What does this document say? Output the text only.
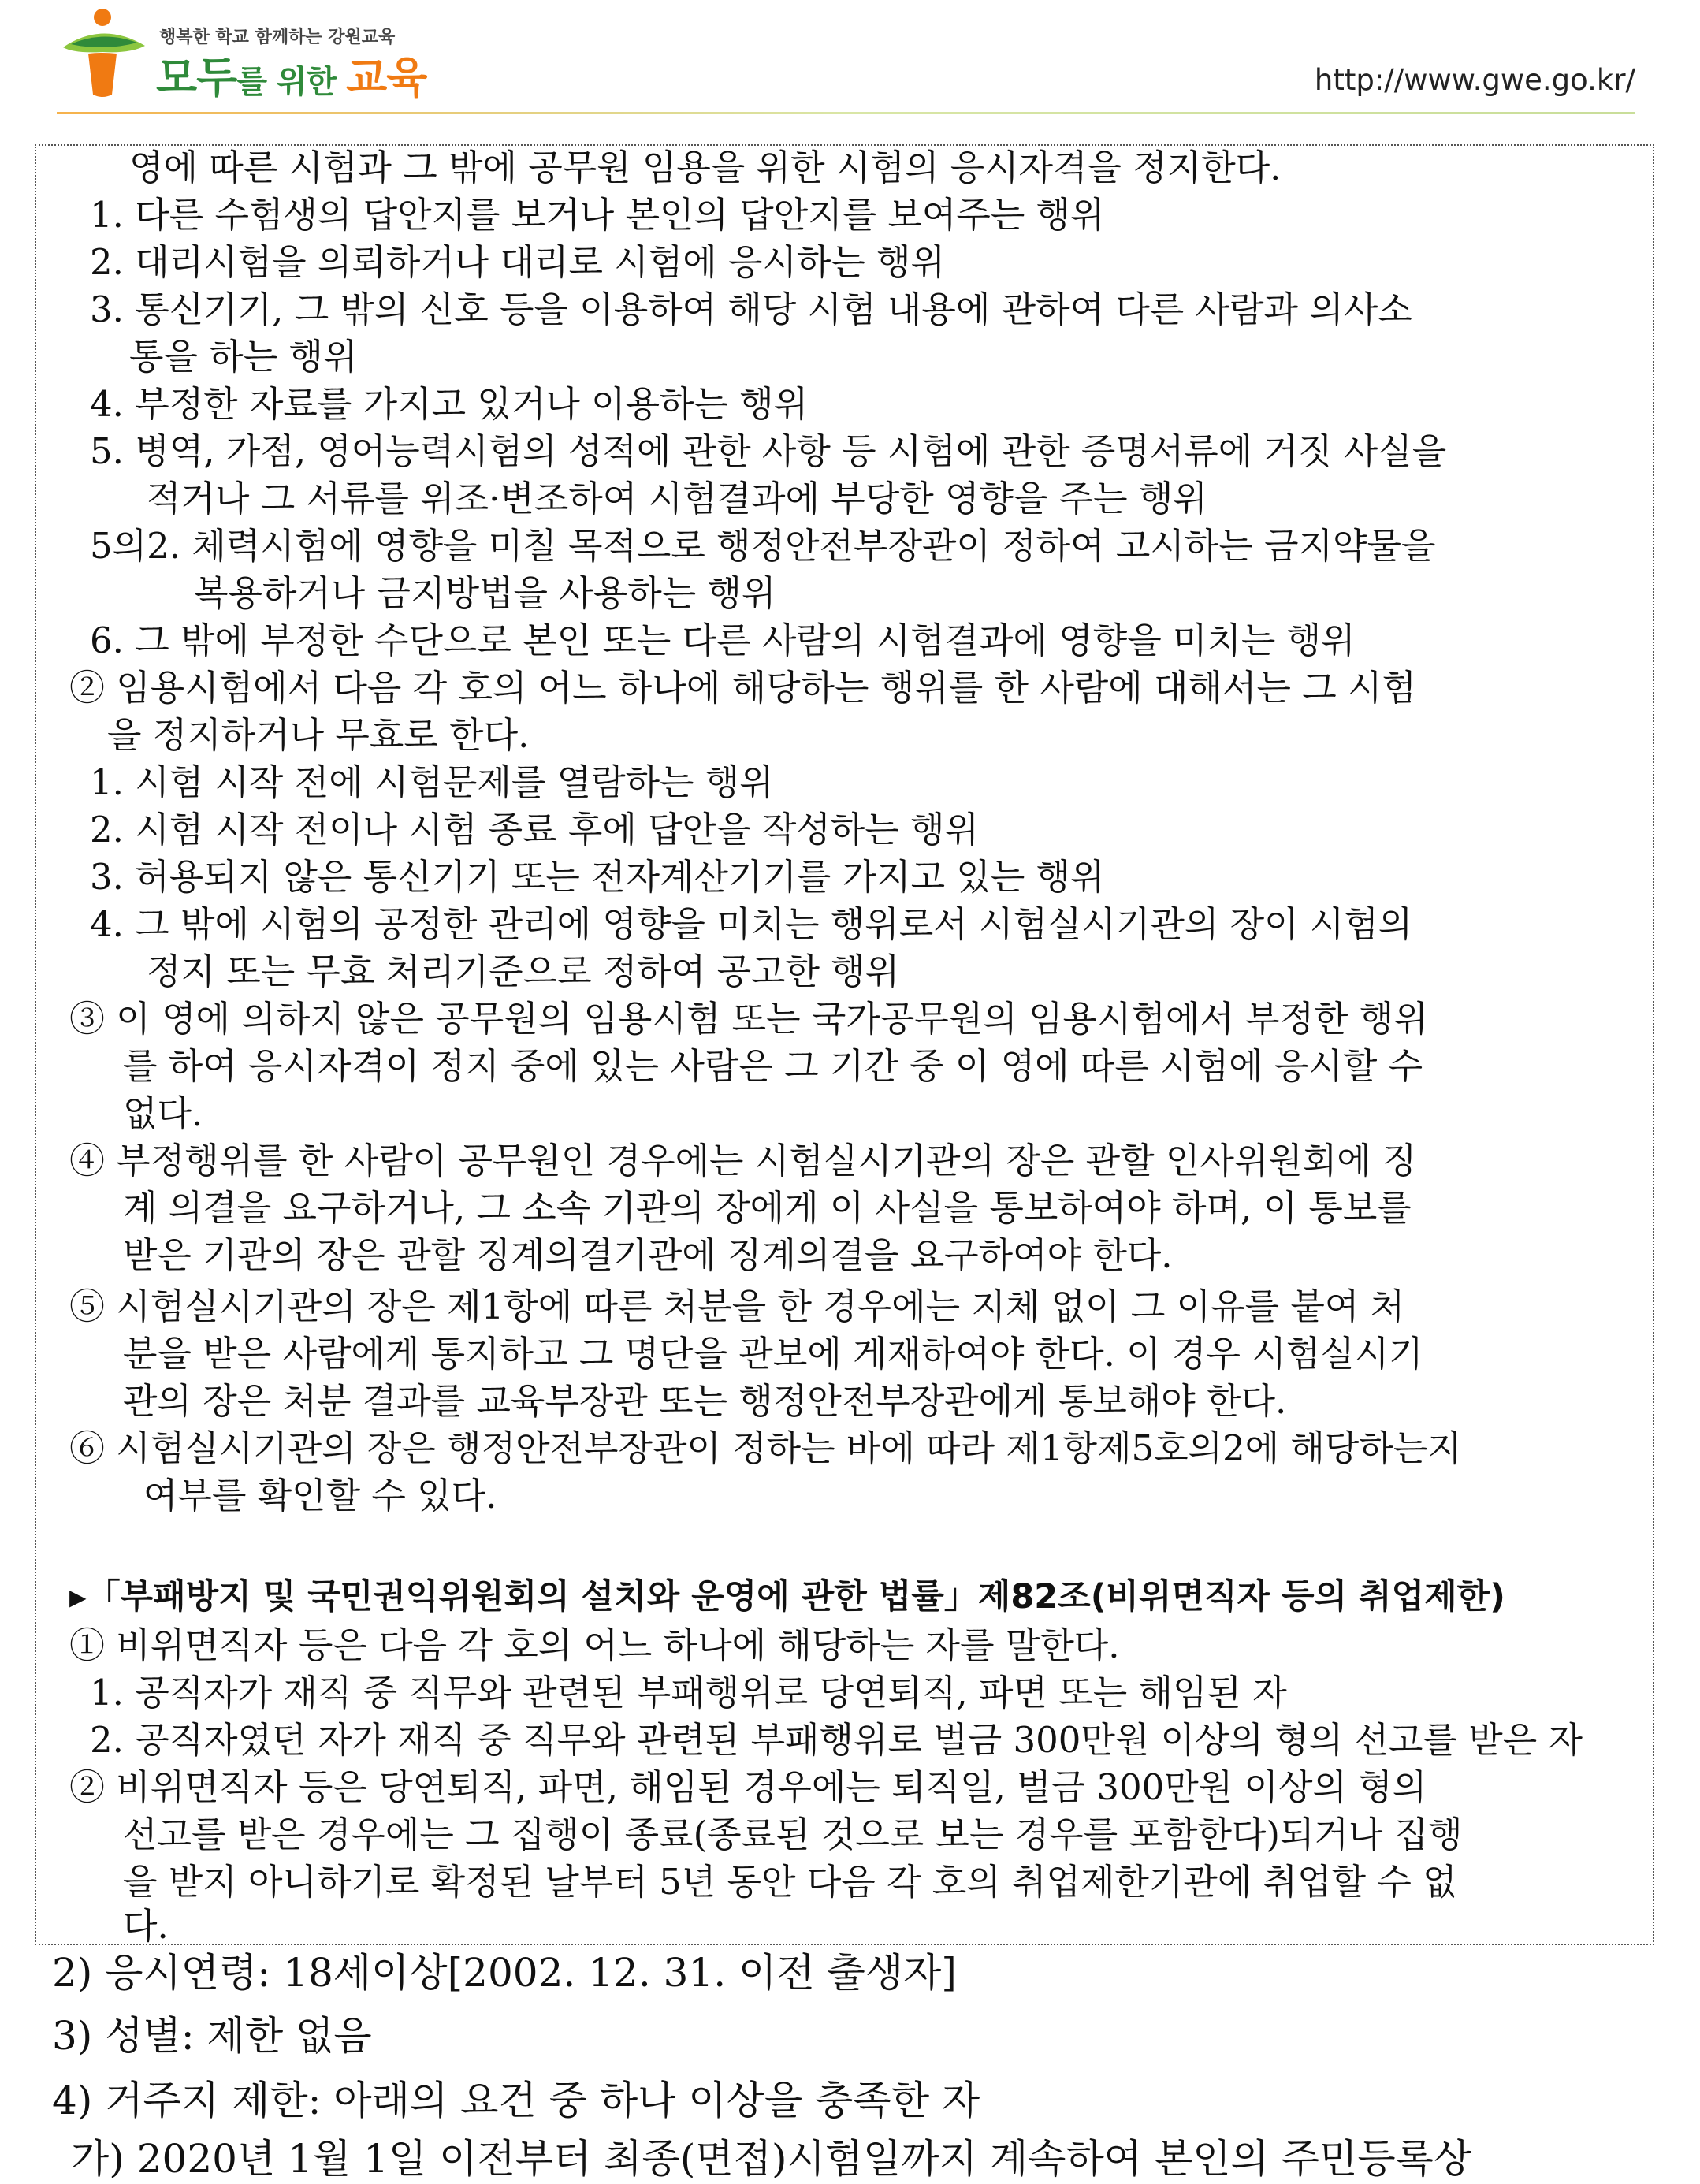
행복한 학교 함께하는 강원교육
모두를 위한 교육	http://www.gwe.go.kr/
영에 따른 시험과 그 밖에 공무원 임용을 위한 시험의 응시자격을 정지한다.
1. 다른 수험생의 답안지를 보거나 본인의 답안지를 보여주는 행위
2. 대리시험을 의뢰하거나 대리로 시험에 응시하는 행위
3. 통신기기, 그 밖의 신호 등을 이용하여 해당 시험 내용에 관하여 다른 사람과 의사소
통을 하는 행위
4. 부정한 자료를 가지고 있거나 이용하는 행위
5. 병역, 가점, 영어능력시험의 성적에 관한 사항 등 시험에 관한 증명서류에 거짓 사실을
적거나 그 서류를 위조·변조하여 시험결과에 부당한 영향을 주는 행위
5의2. 체력시험에 영향을 미칠 목적으로 행정안전부장관이 정하여 고시하는 금지약물을
복용하거나 금지방법을 사용하는 행위
6. 그 밖에 부정한 수단으로 본인 또는 다른 사람의 시험결과에 영향을 미치는 행위
② 임용시험에서 다음 각 호의 어느 하나에 해당하는 행위를 한 사람에 대해서는 그 시험
을 정지하거나 무효로 한다.
1. 시험 시작 전에 시험문제를 열람하는 행위
2. 시험 시작 전이나 시험 종료 후에 답안을 작성하는 행위
3. 허용되지 않은 통신기기 또는 전자계산기기를 가지고 있는 행위
4. 그 밖에 시험의 공정한 관리에 영향을 미치는 행위로서 시험실시기관의 장이 시험의
정지 또는 무효 처리기준으로 정하여 공고한 행위
③ 이 영에 의하지 않은 공무원의 임용시험 또는 국가공무원의 임용시험에서 부정한 행위
를 하여 응시자격이 정지 중에 있는 사람은 그 기간 중 이 영에 따른 시험에 응시할 수
없다.
④ 부정행위를 한 사람이 공무원인 경우에는 시험실시기관의 장은 관할 인사위원회에 징
계 의결을 요구하거나, 그 소속 기관의 장에게 이 사실을 통보하여야 하며, 이 통보를
받은 기관의 장은 관할 징계의결기관에 징계의결을 요구하여야 한다.
⑤ 시험실시기관의 장은 제1항에 따른 처분을 한 경우에는 지체 없이 그 이유를 붙여 처
분을 받은 사람에게 통지하고 그 명단을 관보에 게재하여야 한다. 이 경우 시험실시기
관의 장은 처분 결과를 교육부장관 또는 행정안전부장관에게 통보해야 한다.
⑥ 시험실시기관의 장은 행정안전부장관이 정하는 바에 따라 제1항제5호의2에 해당하는지
여부를 확인할 수 있다.
▸「부패방지 및 국민권익위원회의 설치와 운영에 관한 법률」제82조(비위면직자 등의 취업제한)
① 비위면직자 등은 다음 각 호의 어느 하나에 해당하는 자를 말한다.
1. 공직자가 재직 중 직무와 관련된 부패행위로 당연퇴직, 파면 또는 해임된 자
2. 공직자였던 자가 재직 중 직무와 관련된 부패행위로 벌금 300만원 이상의 형의 선고를 받은 자
② 비위면직자 등은 당연퇴직, 파면, 해임된 경우에는 퇴직일, 벌금 300만원 이상의 형의
선고를 받은 경우에는 그 집행이 종료(종료된 것으로 보는 경우를 포함한다)되거나 집행
을 받지 아니하기로 확정된 날부터 5년 동안 다음 각 호의 취업제한기관에 취업할 수 없
다.
2) 응시연령: 18세이상[2002. 12. 31. 이전 출생자]
3) 성별: 제한 없음
4) 거주지 제한: 아래의 요건 중 하나 이상을 충족한 자
가) 2020년 1월 1일 이전부터 최종(면접)시험일까지 계속하여 본인의 주민등록상
